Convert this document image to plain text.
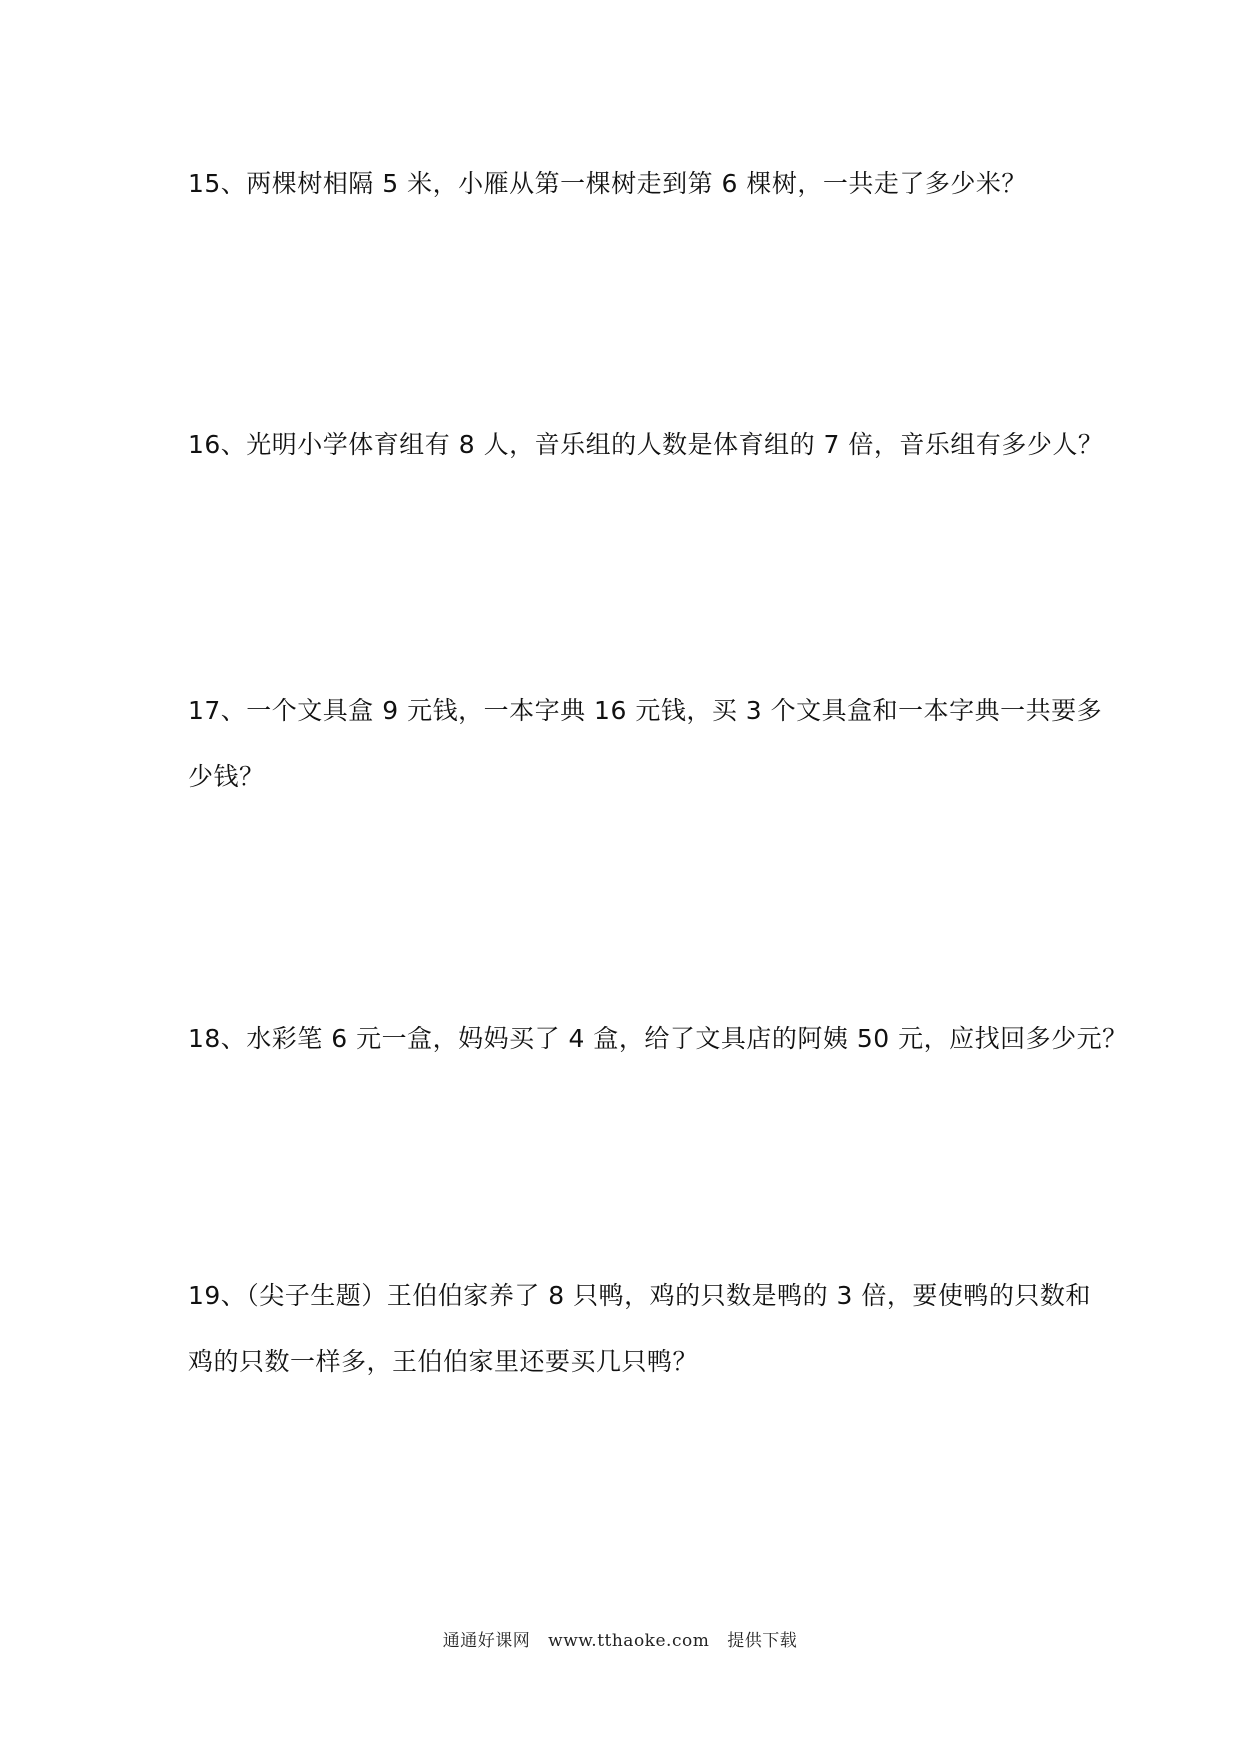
15、两棵树相隔 5 米，小雁从第一棵树走到第 6 棵树，一共走了多少米？
16、光明小学体育组有 8 人，音乐组的人数是体育组的 7 倍，音乐组有多少人？
17、一个文具盒 9 元钱，一本字典 16 元钱，买 3 个文具盒和一本字典一共要多
少钱？
18、水彩笔 6 元一盒，妈妈买了 4 盒，给了文具店的阿姨 50 元，应找回多少元？
19、（尖子生题）王伯伯家养了 8 只鸭，鸡的只数是鸭的 3 倍，要使鸭的只数和
鸡的只数一样多，王伯伯家里还要买几只鸭？
通通好课网 www.tthaoke.com 提供下载
